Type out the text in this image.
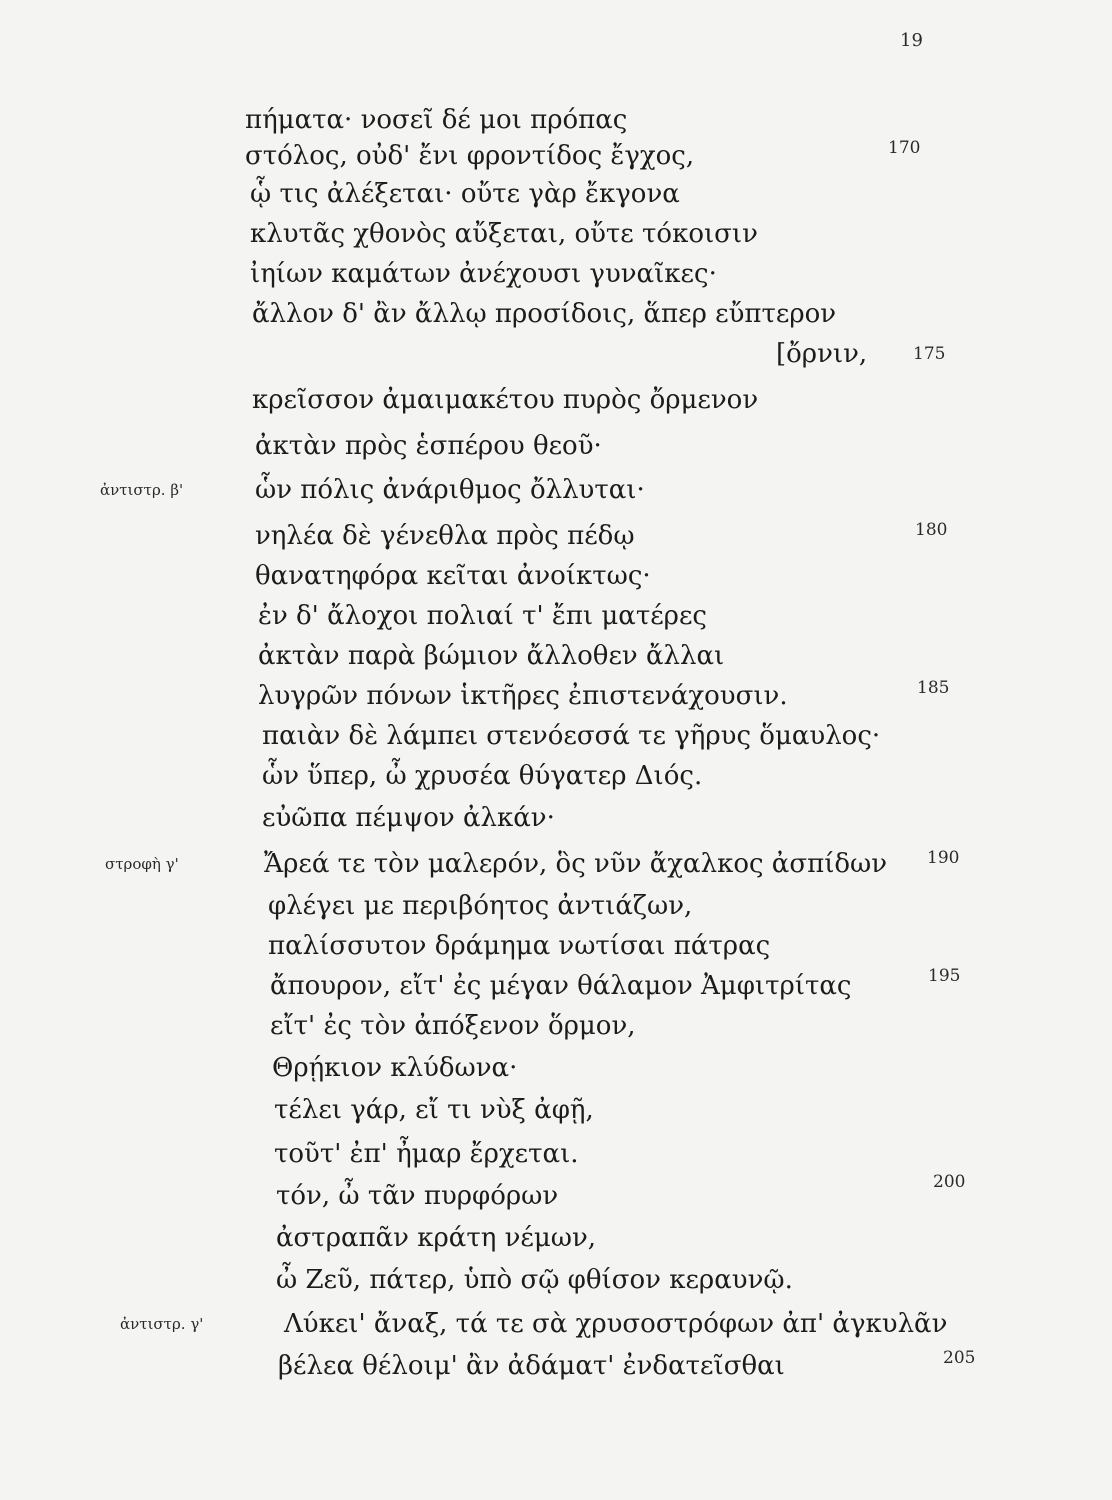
19
πήματα· νοσεῖ δέ μοι πρόπας
στόλος, οὐδ' ἔνι φροντίδος ἔγχος,	170
ᾧ τις ἀλέξεται· οὔτε γὰρ ἔκγονα
κλυτᾶς χθονὸς αὔξεται, οὔτε τόκοισιν
ἰηίων καμάτων ἀνέχουσι γυναῖκες·
ἄλλον δ' ἂν ἄλλῳ προσίδοις, ἅπερ εὔπτερον
[ὄρνιν,	175
κρεῖσσον ἀμαιμακέτου πυρὸς ὄρμενον
ἀκτὰν πρὸς ἑσπέρου θεοῦ·
ἀντιστρ. β'	ὧν πόλις ἀνάριθμος ὄλλυται·
νηλέα δὲ γένεθλα πρὸς πέδῳ	180
θανατηφόρα κεῖται ἀνοίκτως·
ἐν δ' ἄλοχοι πολιαί τ' ἔπι ματέρες
ἀκτὰν παρὰ βώμιον ἄλλοθεν ἄλλαι
λυγρῶν πόνων ἱκτῆρες ἐπιστενάχουσιν.	185
παιὰν δὲ λάμπει στενόεσσά τε γῆρυς ὅμαυλος·
ὧν ὕπερ, ὦ χρυσέα θύγατερ Διός.
εὐῶπα πέμψον ἀλκάν·
στροφὴ γ'	Ἄρεά τε τὸν μαλερόν, ὃς νῦν ἄχαλκος ἀσπίδων 190
φλέγει με περιβόητος ἀντιάζων,
παλίσσυτον δράμημα νωτίσαι πάτρας
ἄπουρον, εἴτ' ἐς μέγαν θάλαμον Ἀμφιτρίτας	195
εἴτ' ἐς τὸν ἀπόξενον ὅρμον,
Θρῄκιον κλύδωνα·
τέλει γάρ, εἴ τι νὺξ ἀφῇ,
τοῦτ' ἐπ' ἦμαρ ἔρχεται.
τόν, ὦ τᾶν πυρφόρων	200
ἀστραπᾶν κράτη νέμων,
ὦ Ζεῦ, πάτερ, ὑπὸ σῷ φθίσον κεραυνῷ.
ἀντιστρ. γ'	Λύκει' ἄναξ, τά τε σὰ χρυσοστρόφων ἀπ' ἀγκυλᾶν
βέλεα θέλοιμ' ἂν ἀδάματ' ἐνδατεῖσθαι	205
